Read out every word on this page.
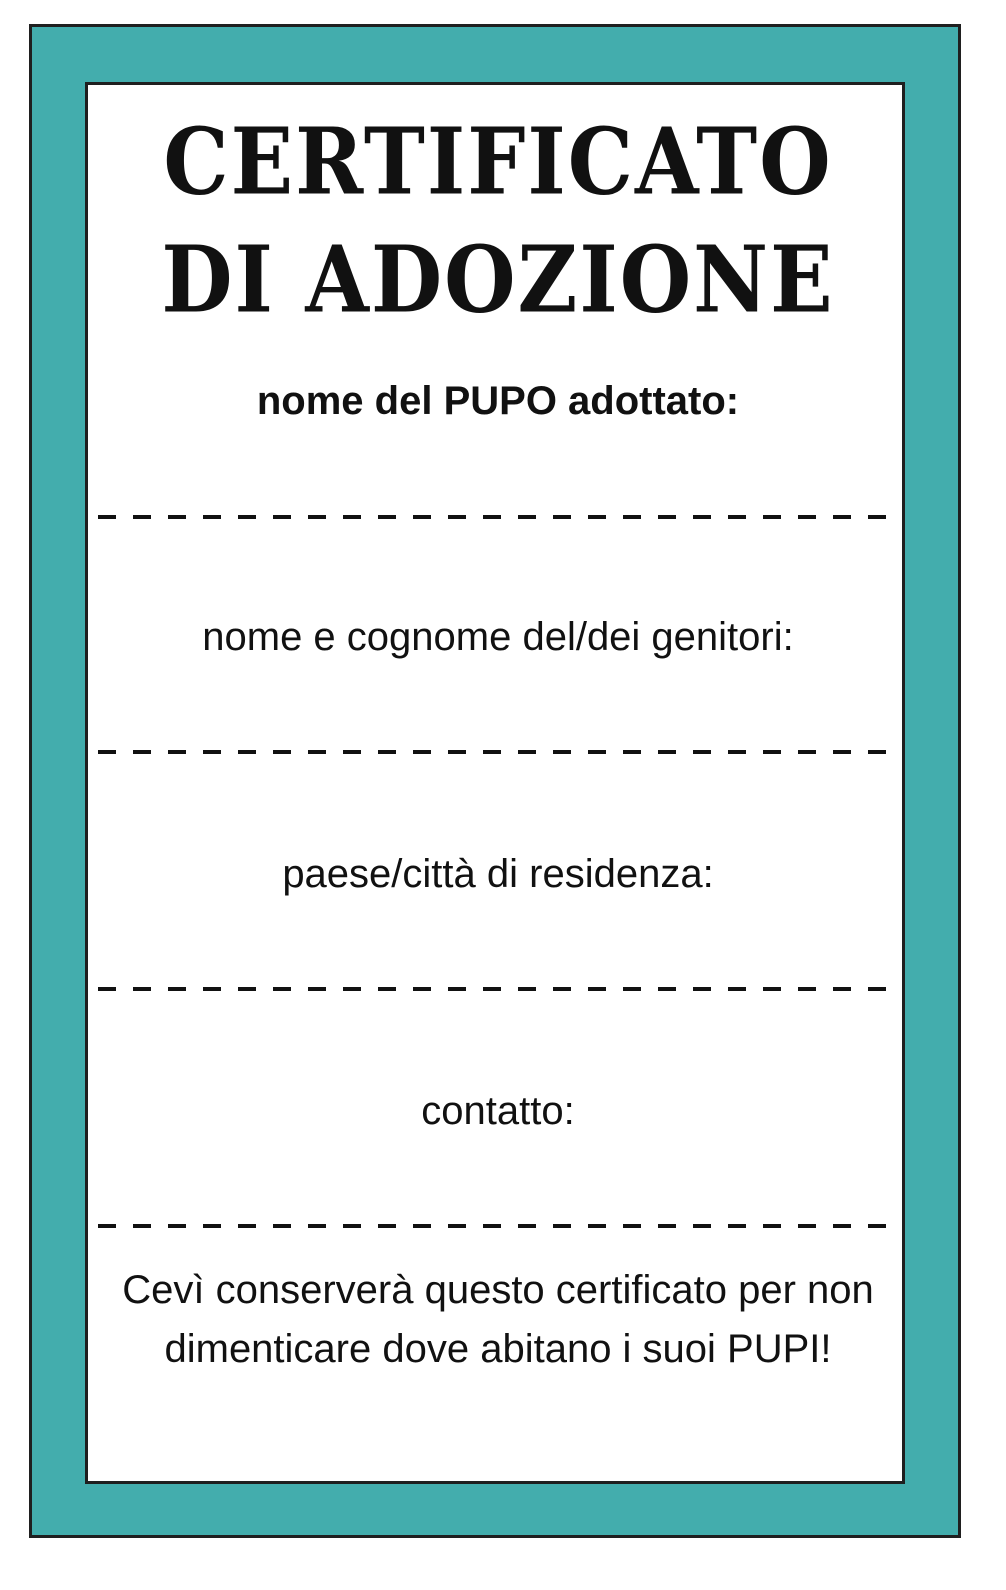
CERTIFICATO
DI ADOZIONE
nome del PUPO adottato:
nome e cognome del/dei genitori:
paese/città di residenza:
contatto:
Cevì conserverà questo certificato per non dimenticare dove abitano i suoi PUPI!
